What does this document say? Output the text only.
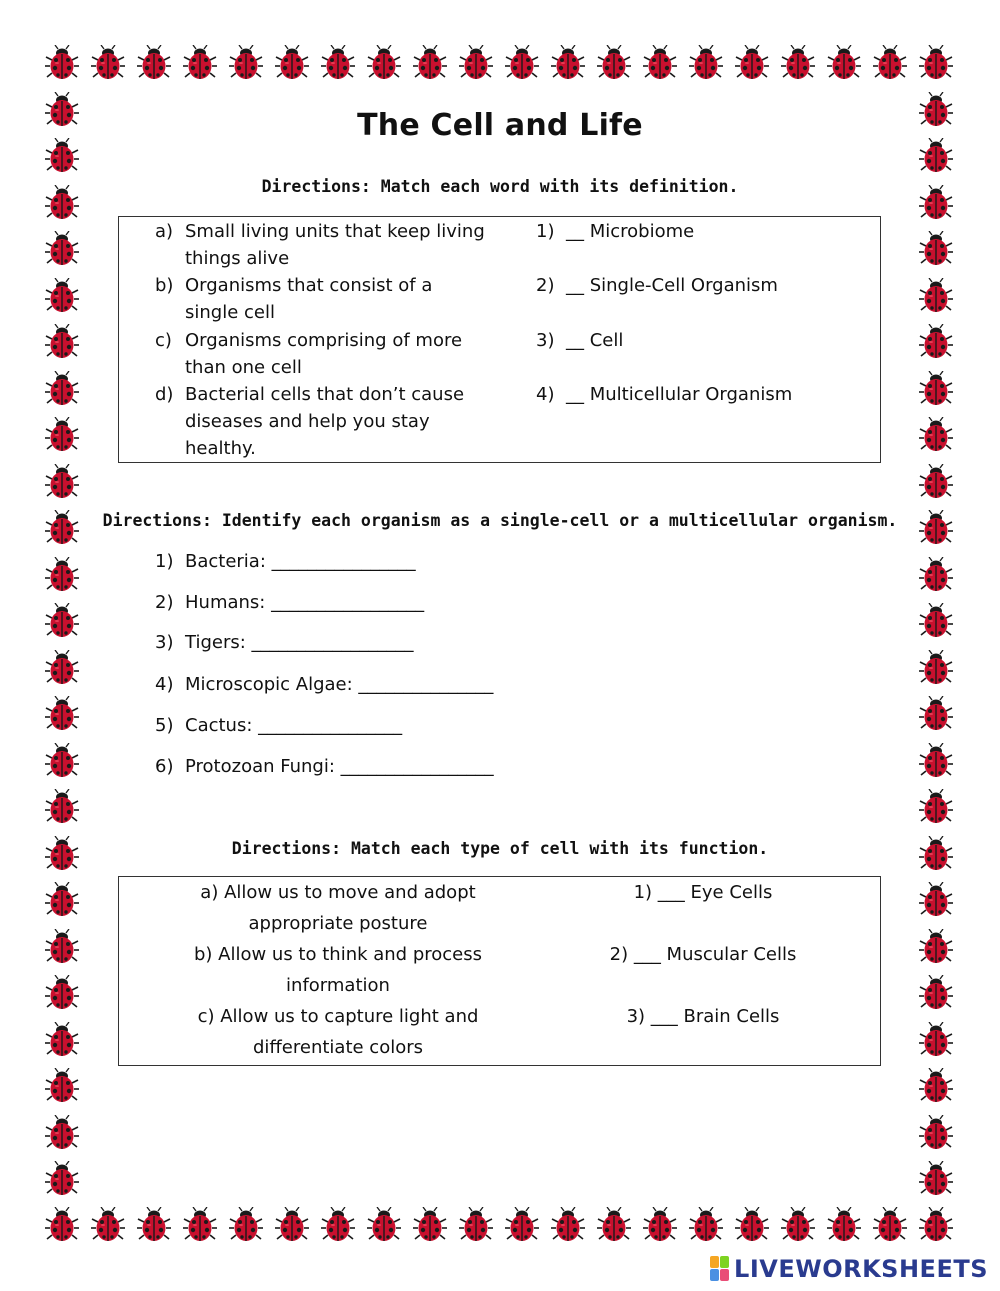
The Cell and Life
Directions: Match each word with its definition.
a) Small living units that keep living
things alive
b) Organisms that consist of a
single cell
c) Organisms comprising of more
than one cell
d) Bacterial cells that don’t cause
diseases and help you stay
healthy.
1) __ Microbiome
2) __ Single-Cell Organism
3) __ Cell
4) __ Multicellular Organism
Directions: Identify each organism as a single-cell or a multicellular organism.
1) Bacteria: ________________
2) Humans: _________________
3) Tigers: __________________
4) Microscopic Algae: _______________
5) Cactus: ________________
6) Protozoan Fungi: _________________
Directions: Match each type of cell with its function.
a) Allow us to move and adopt
appropriate posture
b) Allow us to think and process
information
c) Allow us to capture light and
differentiate colors
1) ___ Eye Cells
2) ___ Muscular Cells
3) ___ Brain Cells
LIVEWORKSHEETS
